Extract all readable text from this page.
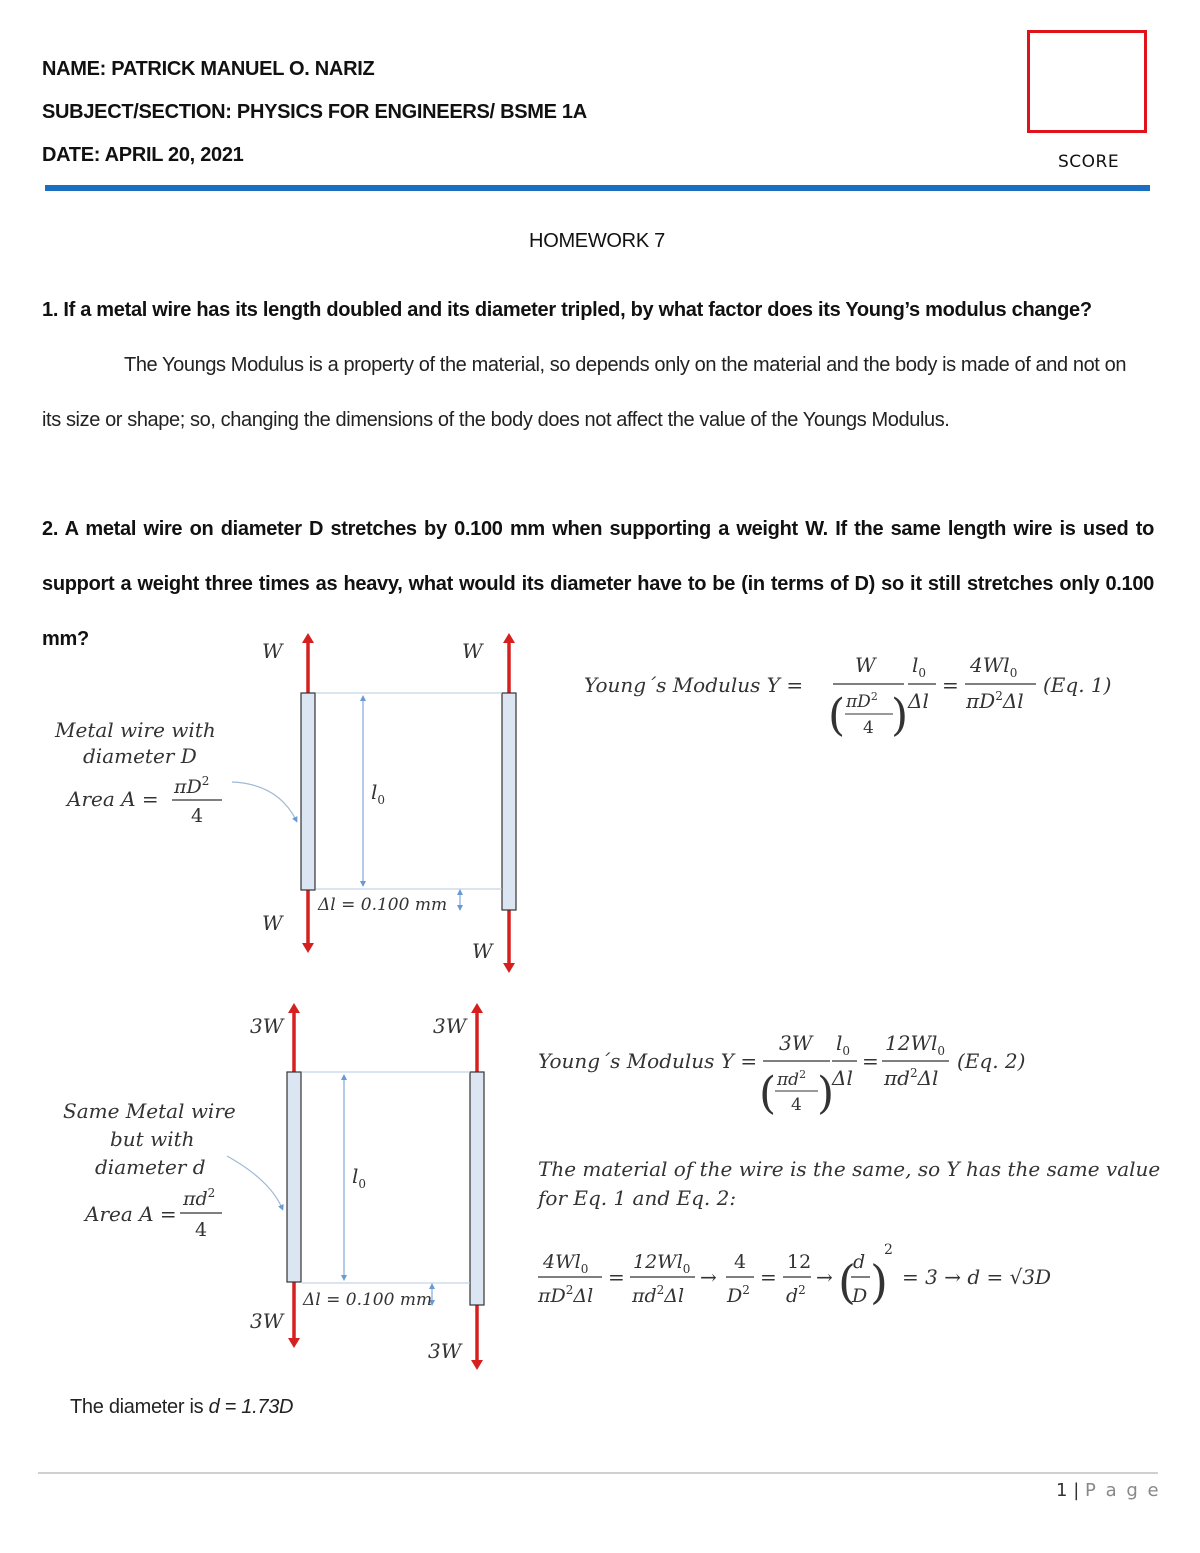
NAME: PATRICK MANUEL O. NARIZ
SUBJECT/SECTION: PHYSICS FOR ENGINEERS/ BSME 1A
DATE: APRIL 20, 2021	SCORE
HOMEWORK 7
1. If a metal wire has its length doubled and its diameter tripled, by what factor does its Young’s modulus change?
The Youngs Modulus is a property of the material, so depends only on the material and the body is made of and not on
its size or shape; so, changing the dimensions of the body does not affect the value of the Youngs Modulus.
2. A metal wire on diameter D stretches by 0.100 mm when supporting a weight W. If the same length wire is used to support a weight three times as heavy, what would its diameter have to be (in terms of D) so it still stretches only 0.100 mm?	W	W
W
W
Metal wire with
diameter D
Area $A = \pi D^2$
4
$l_0$
Δl = 0.100 mm
3W	3W
3W
3W
Same Metal wire
but with
diameter d
Area A =
$\pi d^2$
4
$l_0$
Δl = 0.100 mm
Young´s Modulus Y =
W
( $\pi D^2$
4 )
$l_0$
Δl
=
$4Wl_0$
$\pi D^2\Delta l$
(Eq. 1)
Young´s Modulus Y =
3W
( $\pi d^2$
4 )
$l_0$
Δl
=
$12Wl_0$
$\pi d^2\Delta l$
(Eq. 2)
The material of the wire is the same, so Y has the same value
for Eq. 1 and Eq. 2:
$4Wl_0$
$\pi D^2\Delta l$
=
$12Wl_0$
$\pi d^2\Delta l$
→
4
$D^2$
=
12
$d^2$
→ (
d
D )
2
= 3 → d = √3D
The diameter is d = 1.73D
1 | P a g e
